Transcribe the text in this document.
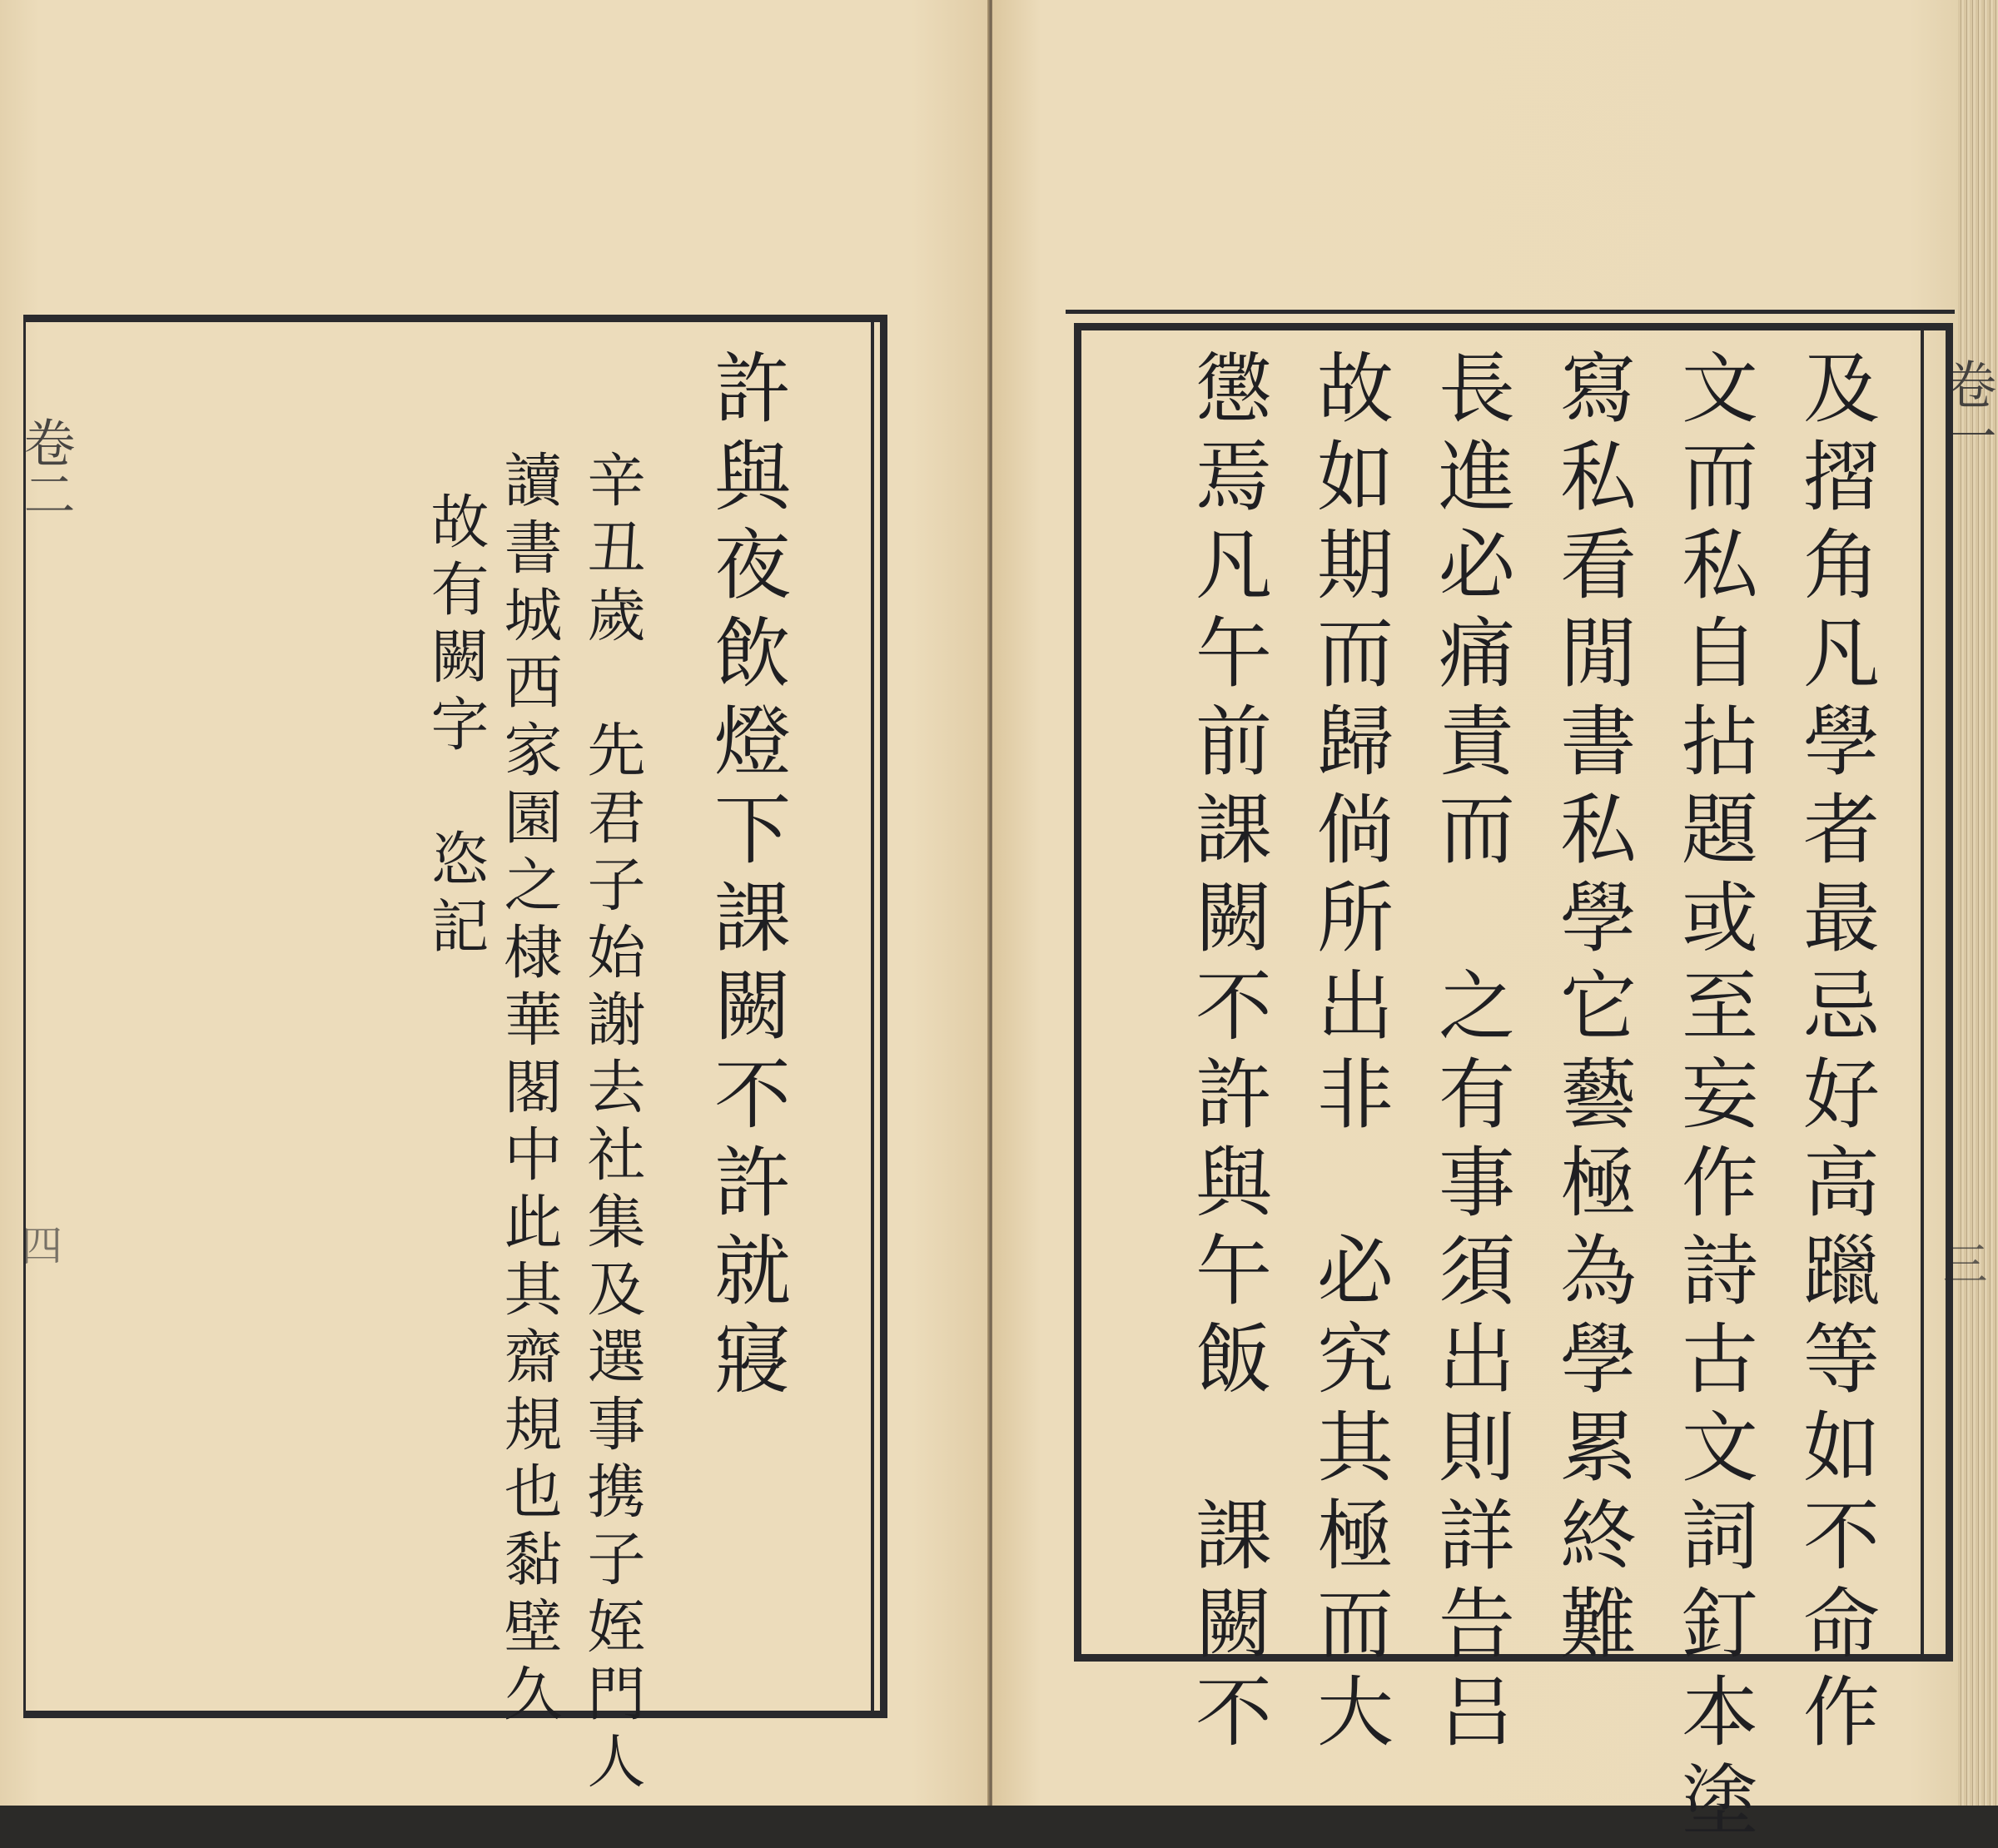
卷二
四	許與夜飲燈下課闕不許就寢
辛丑歲　先君子始謝去社集及選事携子姪門人
讀書城西家園之棣華閣中此其齋規也黏壁久
故有闕字　恣記
卷一
三
及摺角凡學者最忌好高躐等如不命作
文而私自拈題或至妄作詩古文詞釘本塗
寫私看閒書私學它藝極為學累終難
長進必痛責而　之有事須出則詳告吕
故如期而歸倘所出非　必究其極而大
懲焉凡午前課闕不許與午飯　課闕不
